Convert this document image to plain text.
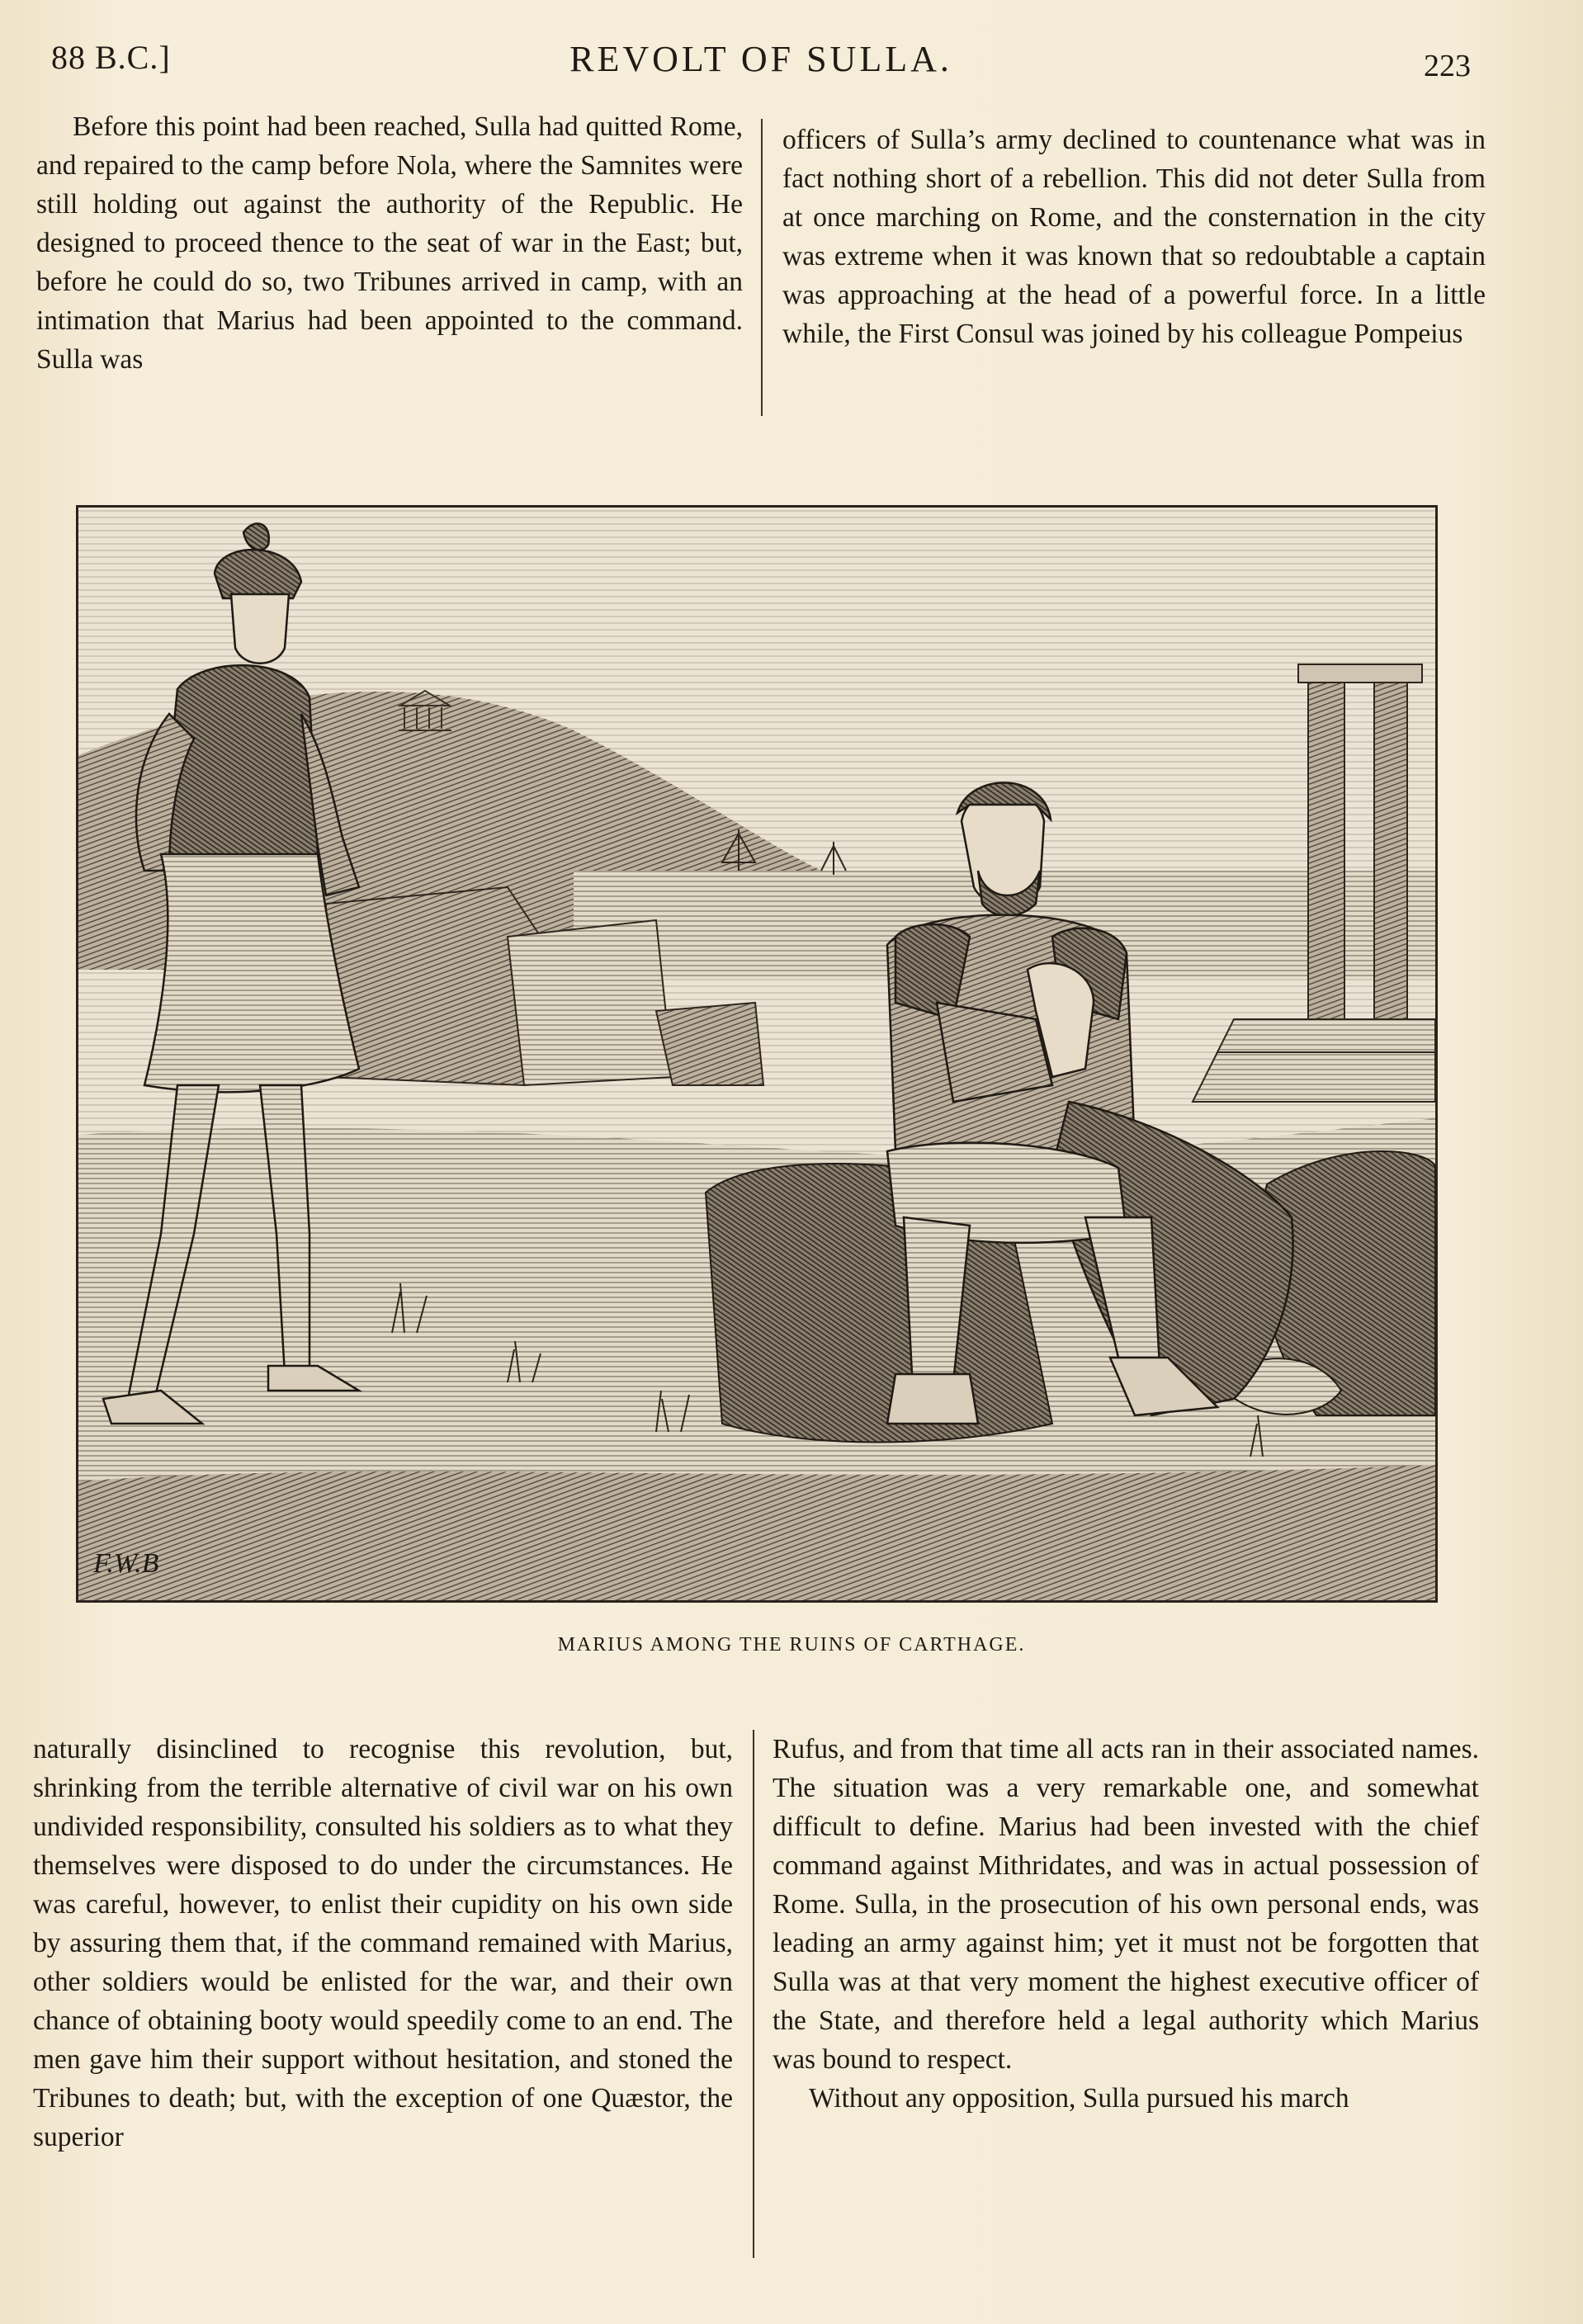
88 B.C.]	REVOLT OF SULLA.	223

Before this point had been reached, Sulla had quitted Rome, and repaired to the camp before Nola, where the Samnites were still holding out against the authority of the Republic. He designed to proceed thence to the seat of war in the East; but, before he could do so, two Tribunes arrived in camp, with an intimation that Marius had been appointed to the command. Sulla was

officers of Sulla’s army declined to countenance what was in fact nothing short of a rebellion. This did not deter Sulla from at once marching on Rome, and the consternation in the city was extreme when it was known that so redoubtable a captain was approaching at the head of a powerful force. In a little while, the First Consul was joined by his colleague Pompeius

F.W.B
MARIUS AMONG THE RUINS OF CARTHAGE.

naturally disinclined to recognise this revolution, but, shrinking from the terrible alternative of civil war on his own undivided responsibility, consulted his soldiers as to what they themselves were disposed to do under the circumstances. He was careful, however, to enlist their cupidity on his own side by assuring them that, if the command remained with Marius, other soldiers would be enlisted for the war, and their own chance of obtaining booty would speedily come to an end. The men gave him their support without hesitation, and stoned the Tribunes to death; but, with the exception of one Quæstor, the superior

Rufus, and from that time all acts ran in their associated names. The situation was a very remarkable one, and somewhat difficult to define. Marius had been invested with the chief command against Mithridates, and was in actual possession of Rome. Sulla, in the prosecution of his own personal ends, was leading an army against him; yet it must not be forgotten that Sulla was at that very moment the highest executive officer of the State, and therefore held a legal authority which Marius was bound to respect.

Without any opposition, Sulla pursued his march
